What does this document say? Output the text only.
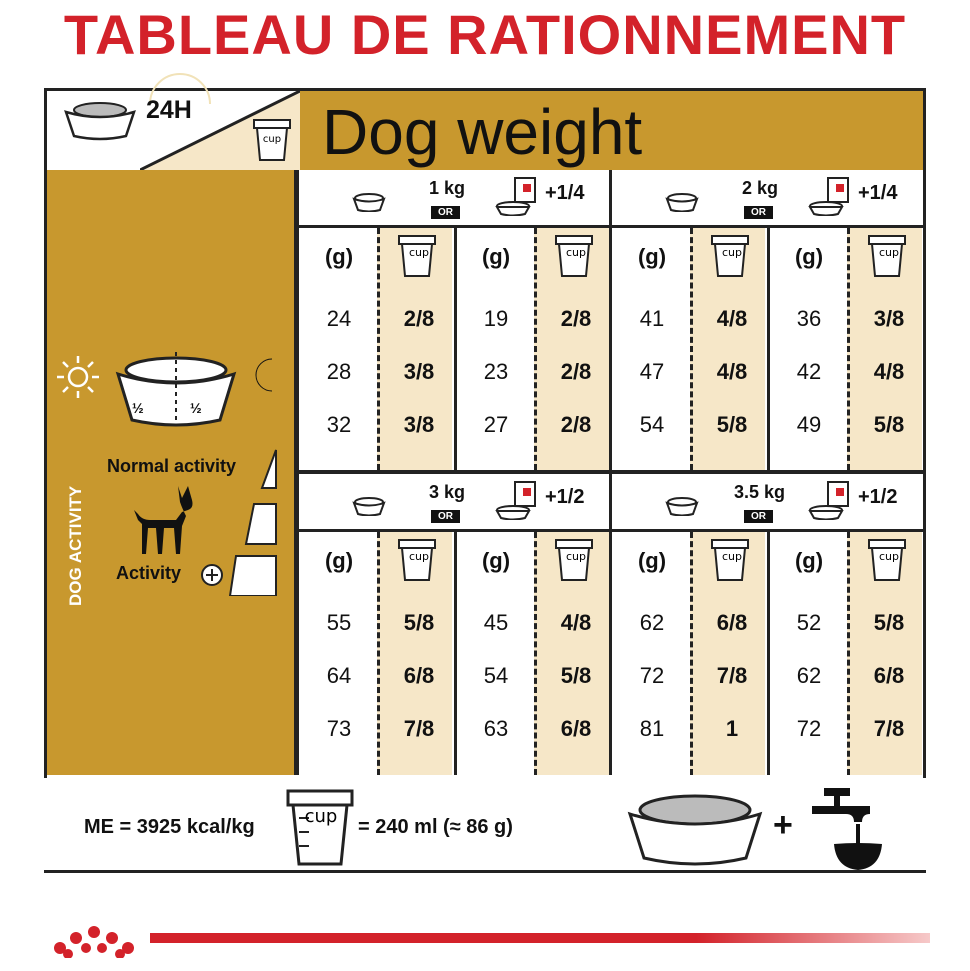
TABLEAU DE RATIONNEMENT
24H
cup Dog weight
½	½
DOG ACTIVITY
Normal activity
Activity
1 kg
OR
+1/4
(g)	cup
24	2/8
28	3/8
32	3/8
(g)	cup
19	2/8
23	2/8
27	2/8
2 kg
OR
+1/4
(g)	cup
41	4/8
47	4/8
54	5/8
(g)	cup
36	3/8
42	4/8
49	5/8
3 kg
OR
+1/2
(g)	cup
55	5/8
64	6/8
73	7/8
(g)	cup
45	4/8
54	5/8
63	6/8
3.5 kg
OR
+1/2
(g)	cup
62	6/8
72	7/8
81	1
(g)	cup
52	5/8
62	6/8
72	7/8
ME = 3925 kcal/kg	cup = 240 ml (≈ 86 g)	+
